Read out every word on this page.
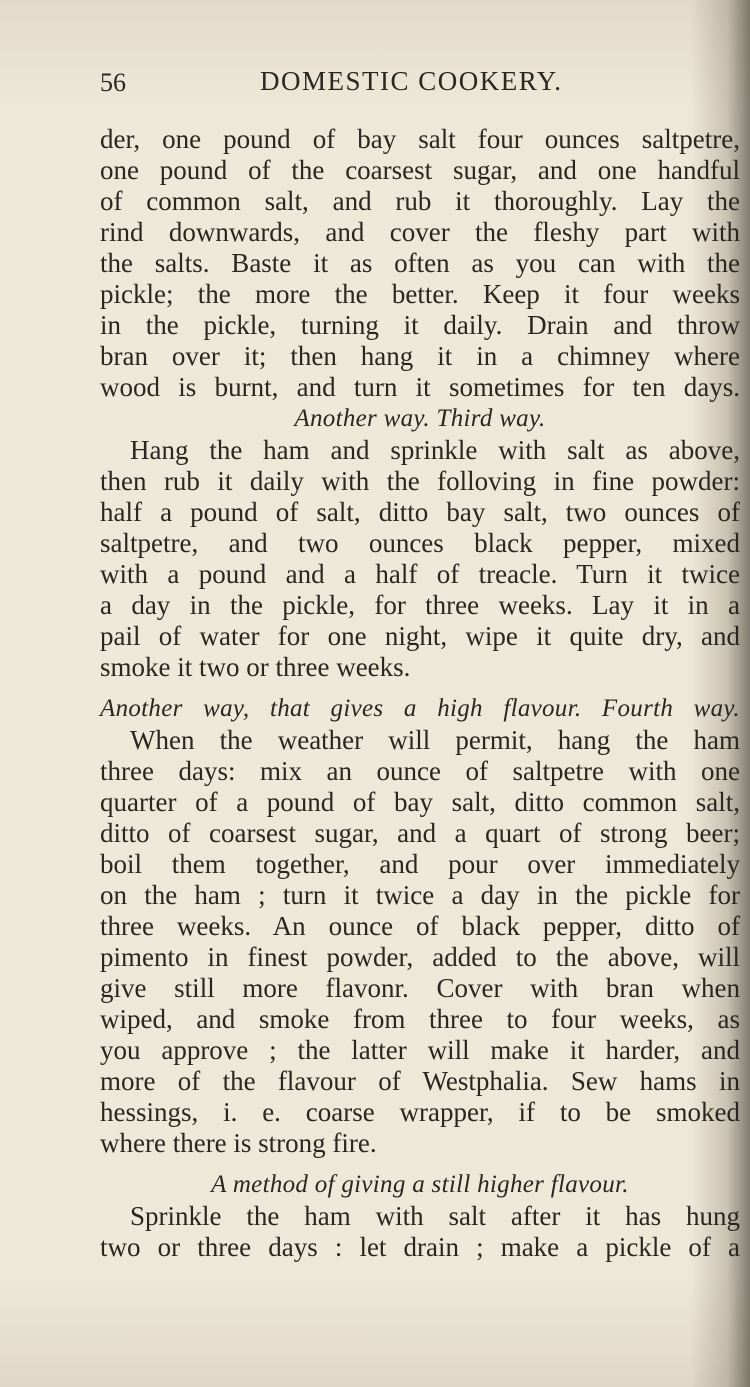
56	DOMESTIC COOKERY.
der, one pound of bay salt four ounces saltpetre,
one pound of the coarsest sugar, and one handful
of common salt, and rub it thoroughly. Lay the
rind downwards, and cover the fleshy part with
the salts. Baste it as often as you can with the
pickle; the more the better. Keep it four weeks
in the pickle, turning it daily. Drain and throw
bran over it; then hang it in a chimney where
wood is burnt, and turn it sometimes for ten days.
Another way. Third way.
Hang the ham and sprinkle with salt as above,
then rub it daily with the folloving in fine powder:
half a pound of salt, ditto bay salt, two ounces of
saltpetre, and two ounces black pepper, mixed
with a pound and a half of treacle. Turn it twice
a day in the pickle, for three weeks. Lay it in a
pail of water for one night, wipe it quite dry, and
smoke it two or three weeks.
Another way, that gives a high flavour. Fourth way.
When the weather will permit, hang the ham
three days: mix an ounce of saltpetre with one
quarter of a pound of bay salt, ditto common salt,
ditto of coarsest sugar, and a quart of strong beer;
boil them together, and pour over immediately
on the ham ; turn it twice a day in the pickle for
three weeks. An ounce of black pepper, ditto of
pimento in finest powder, added to the above, will
give still more flavonr. Cover with bran when
wiped, and smoke from three to four weeks, as
you approve ; the latter will make it harder, and
more of the flavour of Westphalia. Sew hams in
hessings, i. e. coarse wrapper, if to be smoked
where there is strong fire.
A method of giving a still higher flavour.
Sprinkle the ham with salt after it has hung
two or three days : let drain ; make a pickle of a
